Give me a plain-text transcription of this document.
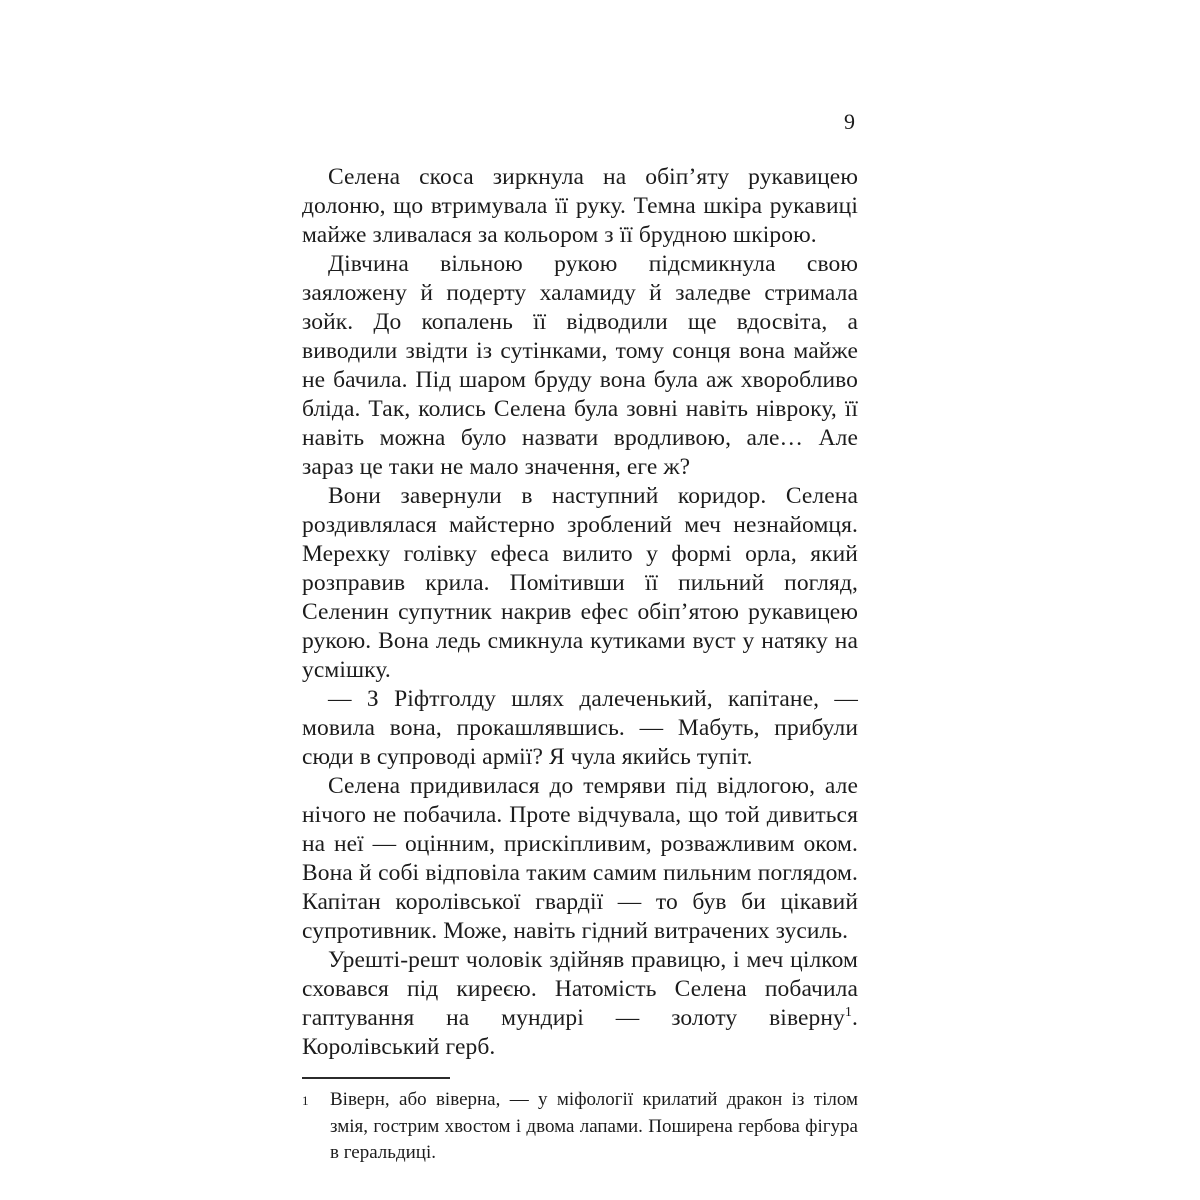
9

Селена скоса зиркнула на обіп’яту рукавицею долоню, що втримувала її руку. Темна шкіра рукавиці майже зливалася за кольором з її брудною шкірою.

Дівчина вільною рукою підсмикнула свою заяложену й подерту халамиду й заледве стримала зойк. До копалень її відводили ще вдосвіта, а виводили звідти із сутінками, тому сонця вона майже не бачила. Під шаром бруду вона була аж хворобливо бліда. Так, колись Селена була зовні навіть нівроку, її навіть можна було назвати вродливою, але… Але зараз це таки не мало значення, еге ж?

Вони завернули в наступний коридор. Селена роздивлялася майстерно зроблений меч незнайомця. Мерехку голівку ефеса вилито у формі орла, який розправив крила. Помітивши її пильний погляд, Селенин супутник накрив ефес обіп’ятою рукавицею рукою. Вона ледь смикнула кутиками вуст у натяку на усмішку.

— З Ріфтголду шлях далеченький, капітане, — мовила вона, прокашлявшись. — Мабуть, прибули сюди в супроводі армії? Я чула якийсь тупіт.

Селена придивилася до темряви під відлогою, але нічого не побачила. Проте відчувала, що той дивиться на неї — оцінним, прискіпливим, розважливим оком. Вона й собі відповіла таким самим пильним поглядом. Капітан королівської гвардії — то був би цікавий супротивник. Може, навіть гідний витрачених зусиль.

Урешті-решт чоловік здійняв правицю, і меч цілком сховався під киреєю. Натомість Селена побачила гаптування на мундирі — золоту віверну$^1$. Королівський герб.

1	Віверн, або віверна, — у міфології крилатий дракон із тілом змія, гострим хвостом і двома лапами. Поширена гербова фігура в геральдиці.
